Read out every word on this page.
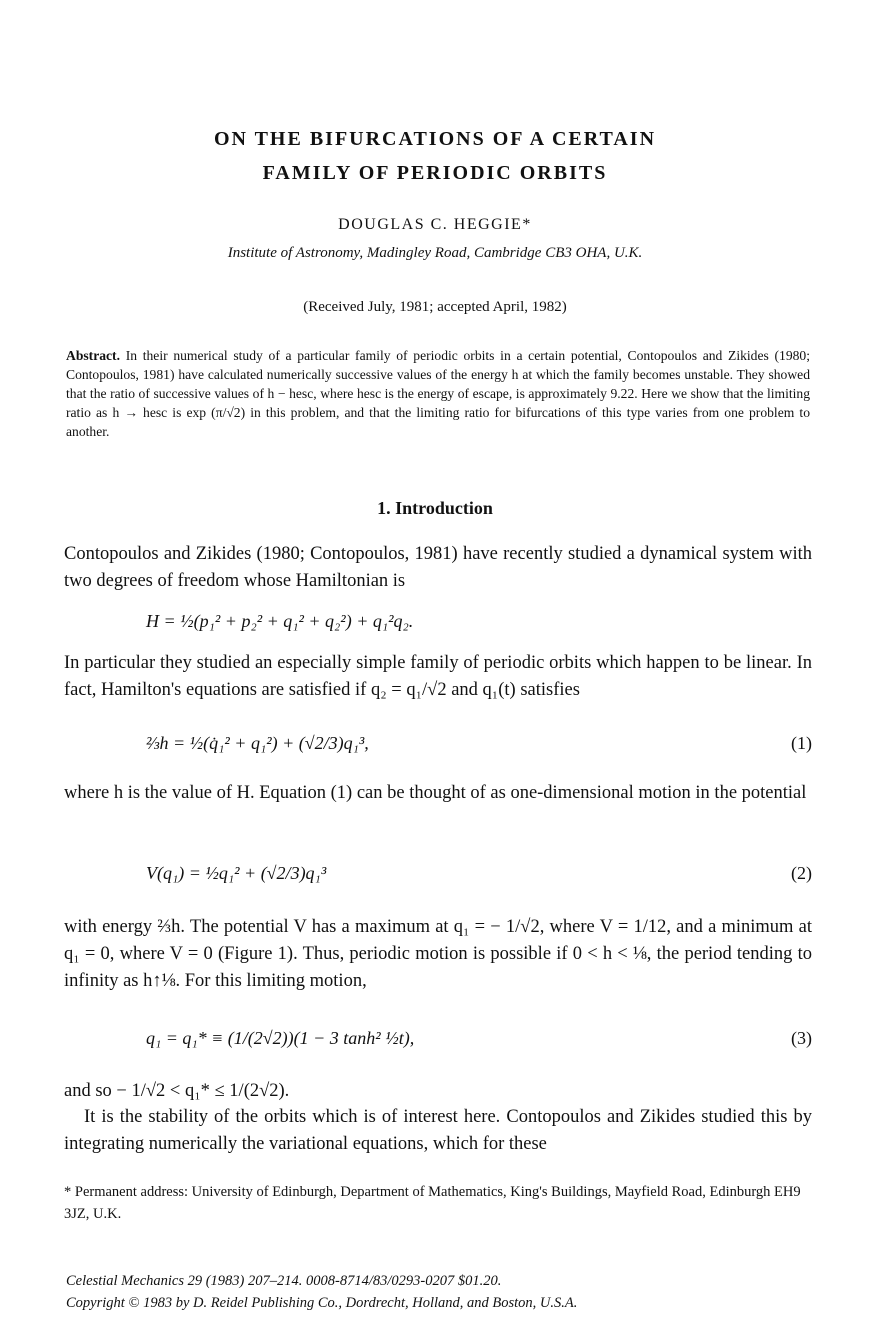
ON THE BIFURCATIONS OF A CERTAIN
FAMILY OF PERIODIC ORBITS
DOUGLAS C. HEGGIE*
Institute of Astronomy, Madingley Road, Cambridge CB3 OHA, U.K.
(Received July, 1981; accepted April, 1982)
Abstract. In their numerical study of a particular family of periodic orbits in a certain potential, Contopoulos and Zikides (1980; Contopoulos, 1981) have calculated numerically successive values of the energy h at which the family becomes unstable. They showed that the ratio of successive values of h − hesc, where hesc is the energy of escape, is approximately 9.22. Here we show that the limiting ratio as h → hesc is exp (π/√2) in this problem, and that the limiting ratio for bifurcations of this type varies from one problem to another.
1. Introduction
Contopoulos and Zikides (1980; Contopoulos, 1981) have recently studied a dynamical system with two degrees of freedom whose Hamiltonian is
H = ½(p₁² + p₂² + q₁² + q₂²) + q₁²q₂.
In particular they studied an especially simple family of periodic orbits which happen to be linear. In fact, Hamilton's equations are satisfied if q₂ = q₁/√2 and q₁(t) satisfies
⅔h = ½(q̇₁² + q₁²) + (√2/3)q₁³,	(1)
where h is the value of H. Equation (1) can be thought of as one-dimensional motion in the potential
V(q₁) = ½q₁² + (√2/3)q₁³	(2)
with energy ⅔h. The potential V has a maximum at q₁ = − 1/√2, where V = 1/12, and a minimum at q₁ = 0, where V = 0 (Figure 1). Thus, periodic motion is possible if 0 < h < ⅛, the period tending to infinity as h↑⅛. For this limiting motion,
q₁ = q₁* ≡ (1/(2√2))(1 − 3 tanh² ½t),	(3)
and so − 1/√2 < q₁* ≤ 1/(2√2).
It is the stability of the orbits which is of interest here. Contopoulos and Zikides studied this by integrating numerically the variational equations, which for these
* Permanent address: University of Edinburgh, Department of Mathematics, King's Buildings, Mayfield Road, Edinburgh EH9 3JZ, U.K.
Celestial Mechanics 29 (1983) 207–214. 0008-8714/83/0293-0207 $01.20.
Copyright © 1983 by D. Reidel Publishing Co., Dordrecht, Holland, and Boston, U.S.A.
